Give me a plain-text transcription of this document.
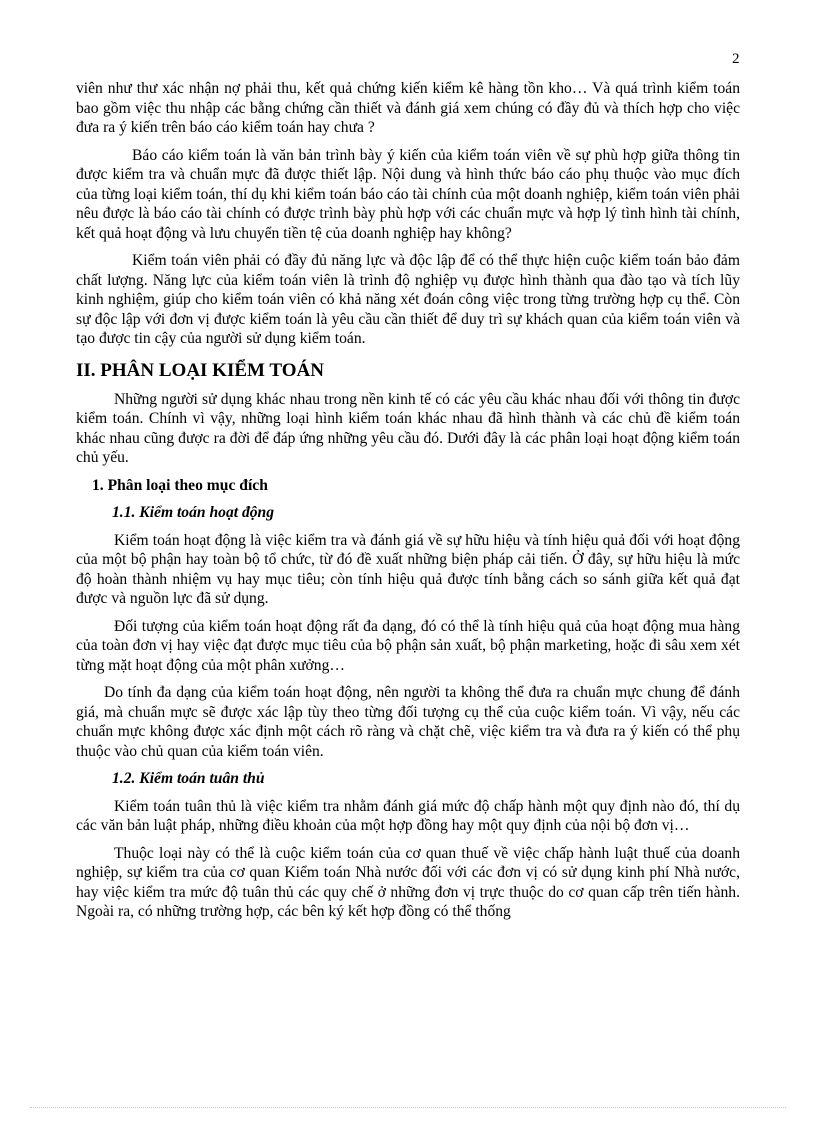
2

viên như thư xác nhận nợ phải thu, kết quả chứng kiến kiểm kê hàng tồn kho… Và quá trình kiểm toán bao gồm việc thu nhập các bằng chứng cần thiết và đánh giá xem chúng có đầy đủ và thích hợp cho việc đưa ra ý kiến trên báo cáo kiểm toán hay chưa ?

Báo cáo kiểm toán là văn bản trình bày ý kiến của kiểm toán viên về sự phù hợp giữa thông tin được kiểm tra và chuẩn mực đã được thiết lập. Nội dung và hình thức báo cáo phụ thuộc vào mục đích của từng loại kiểm toán, thí dụ khi kiểm toán báo cáo tài chính của một doanh nghiệp, kiểm toán viên phải nêu được là báo cáo tài chính có được trình bày phù hợp với các chuẩn mực và hợp lý tình hình tài chính, kết quả hoạt động và lưu chuyển tiền tệ của doanh nghiệp hay không?

Kiểm toán viên phải có đầy đủ năng lực và độc lập để có thể thực hiện cuộc kiểm toán bảo đảm chất lượng. Năng lực của kiểm toán viên là trình độ nghiệp vụ được hình thành qua đào tạo và tích lũy kinh nghiệm, giúp cho kiểm toán viên có khả năng xét đoán công việc trong từng trường hợp cụ thể. Còn sự độc lập với đơn vị được kiểm toán là yêu cầu cần thiết để duy trì sự khách quan của kiểm toán viên và tạo được tin cậy của người sử dụng kiểm toán.

II. PHÂN LOẠI KIỂM TOÁN

Những người sử dụng khác nhau trong nền kinh tế có các yêu cầu khác nhau đối với thông tin được kiểm toán. Chính vì vậy, những loại hình kiểm toán khác nhau đã hình thành và các chủ đề kiểm toán khác nhau cũng được ra đời để đáp ứng những yêu cầu đó. Dưới đây là các phân loại hoạt động kiểm toán chủ yếu.

1. Phân loại theo mục đích
1.1. Kiểm toán hoạt động

Kiểm toán hoạt động là việc kiểm tra và đánh giá về sự hữu hiệu và tính hiệu quả đối với hoạt động của một bộ phận hay toàn bộ tổ chức, từ đó đề xuất những biện pháp cải tiến. Ở đây, sự hữu hiệu là mức độ hoàn thành nhiệm vụ hay mục tiêu; còn tính hiệu quả được tính bằng cách so sánh giữa kết quả đạt được và nguồn lực đã sử dụng.

Đối tượng của kiểm toán hoạt động rất đa dạng, đó có thể là tính hiệu quả của hoạt động mua hàng của toàn đơn vị hay việc đạt được mục tiêu của bộ phận sản xuất, bộ phận marketing, hoặc đi sâu xem xét từng mặt hoạt động của một phân xưởng…

Do tính đa dạng của kiểm toán hoạt động, nên người ta không thể đưa ra chuẩn mực chung để đánh giá, mà chuẩn mực sẽ được xác lập tùy theo từng đối tượng cụ thể của cuộc kiểm toán. Vì vậy, nếu các chuẩn mực không được xác định một cách rõ ràng và chặt chẽ, việc kiểm tra và đưa ra ý kiến có thể phụ thuộc vào chủ quan của kiểm toán viên.

1.2. Kiểm toán tuân thủ

Kiểm toán tuân thủ là việc kiểm tra nhằm đánh giá mức độ chấp hành một quy định nào đó, thí dụ các văn bản luật pháp, những điều khoản của một hợp đồng hay một quy định của nội bộ đơn vị…

Thuộc loại này có thể là cuộc kiểm toán của cơ quan thuế về việc chấp hành luật thuế của doanh nghiệp, sự kiểm tra của cơ quan Kiểm toán Nhà nước đối với các đơn vị có sử dụng kinh phí Nhà nước, hay việc kiểm tra mức độ tuân thủ các quy chế ở những đơn vị trực thuộc do cơ quan cấp trên tiến hành. Ngoài ra, có những trường hợp, các bên ký kết hợp đồng có thể thống
